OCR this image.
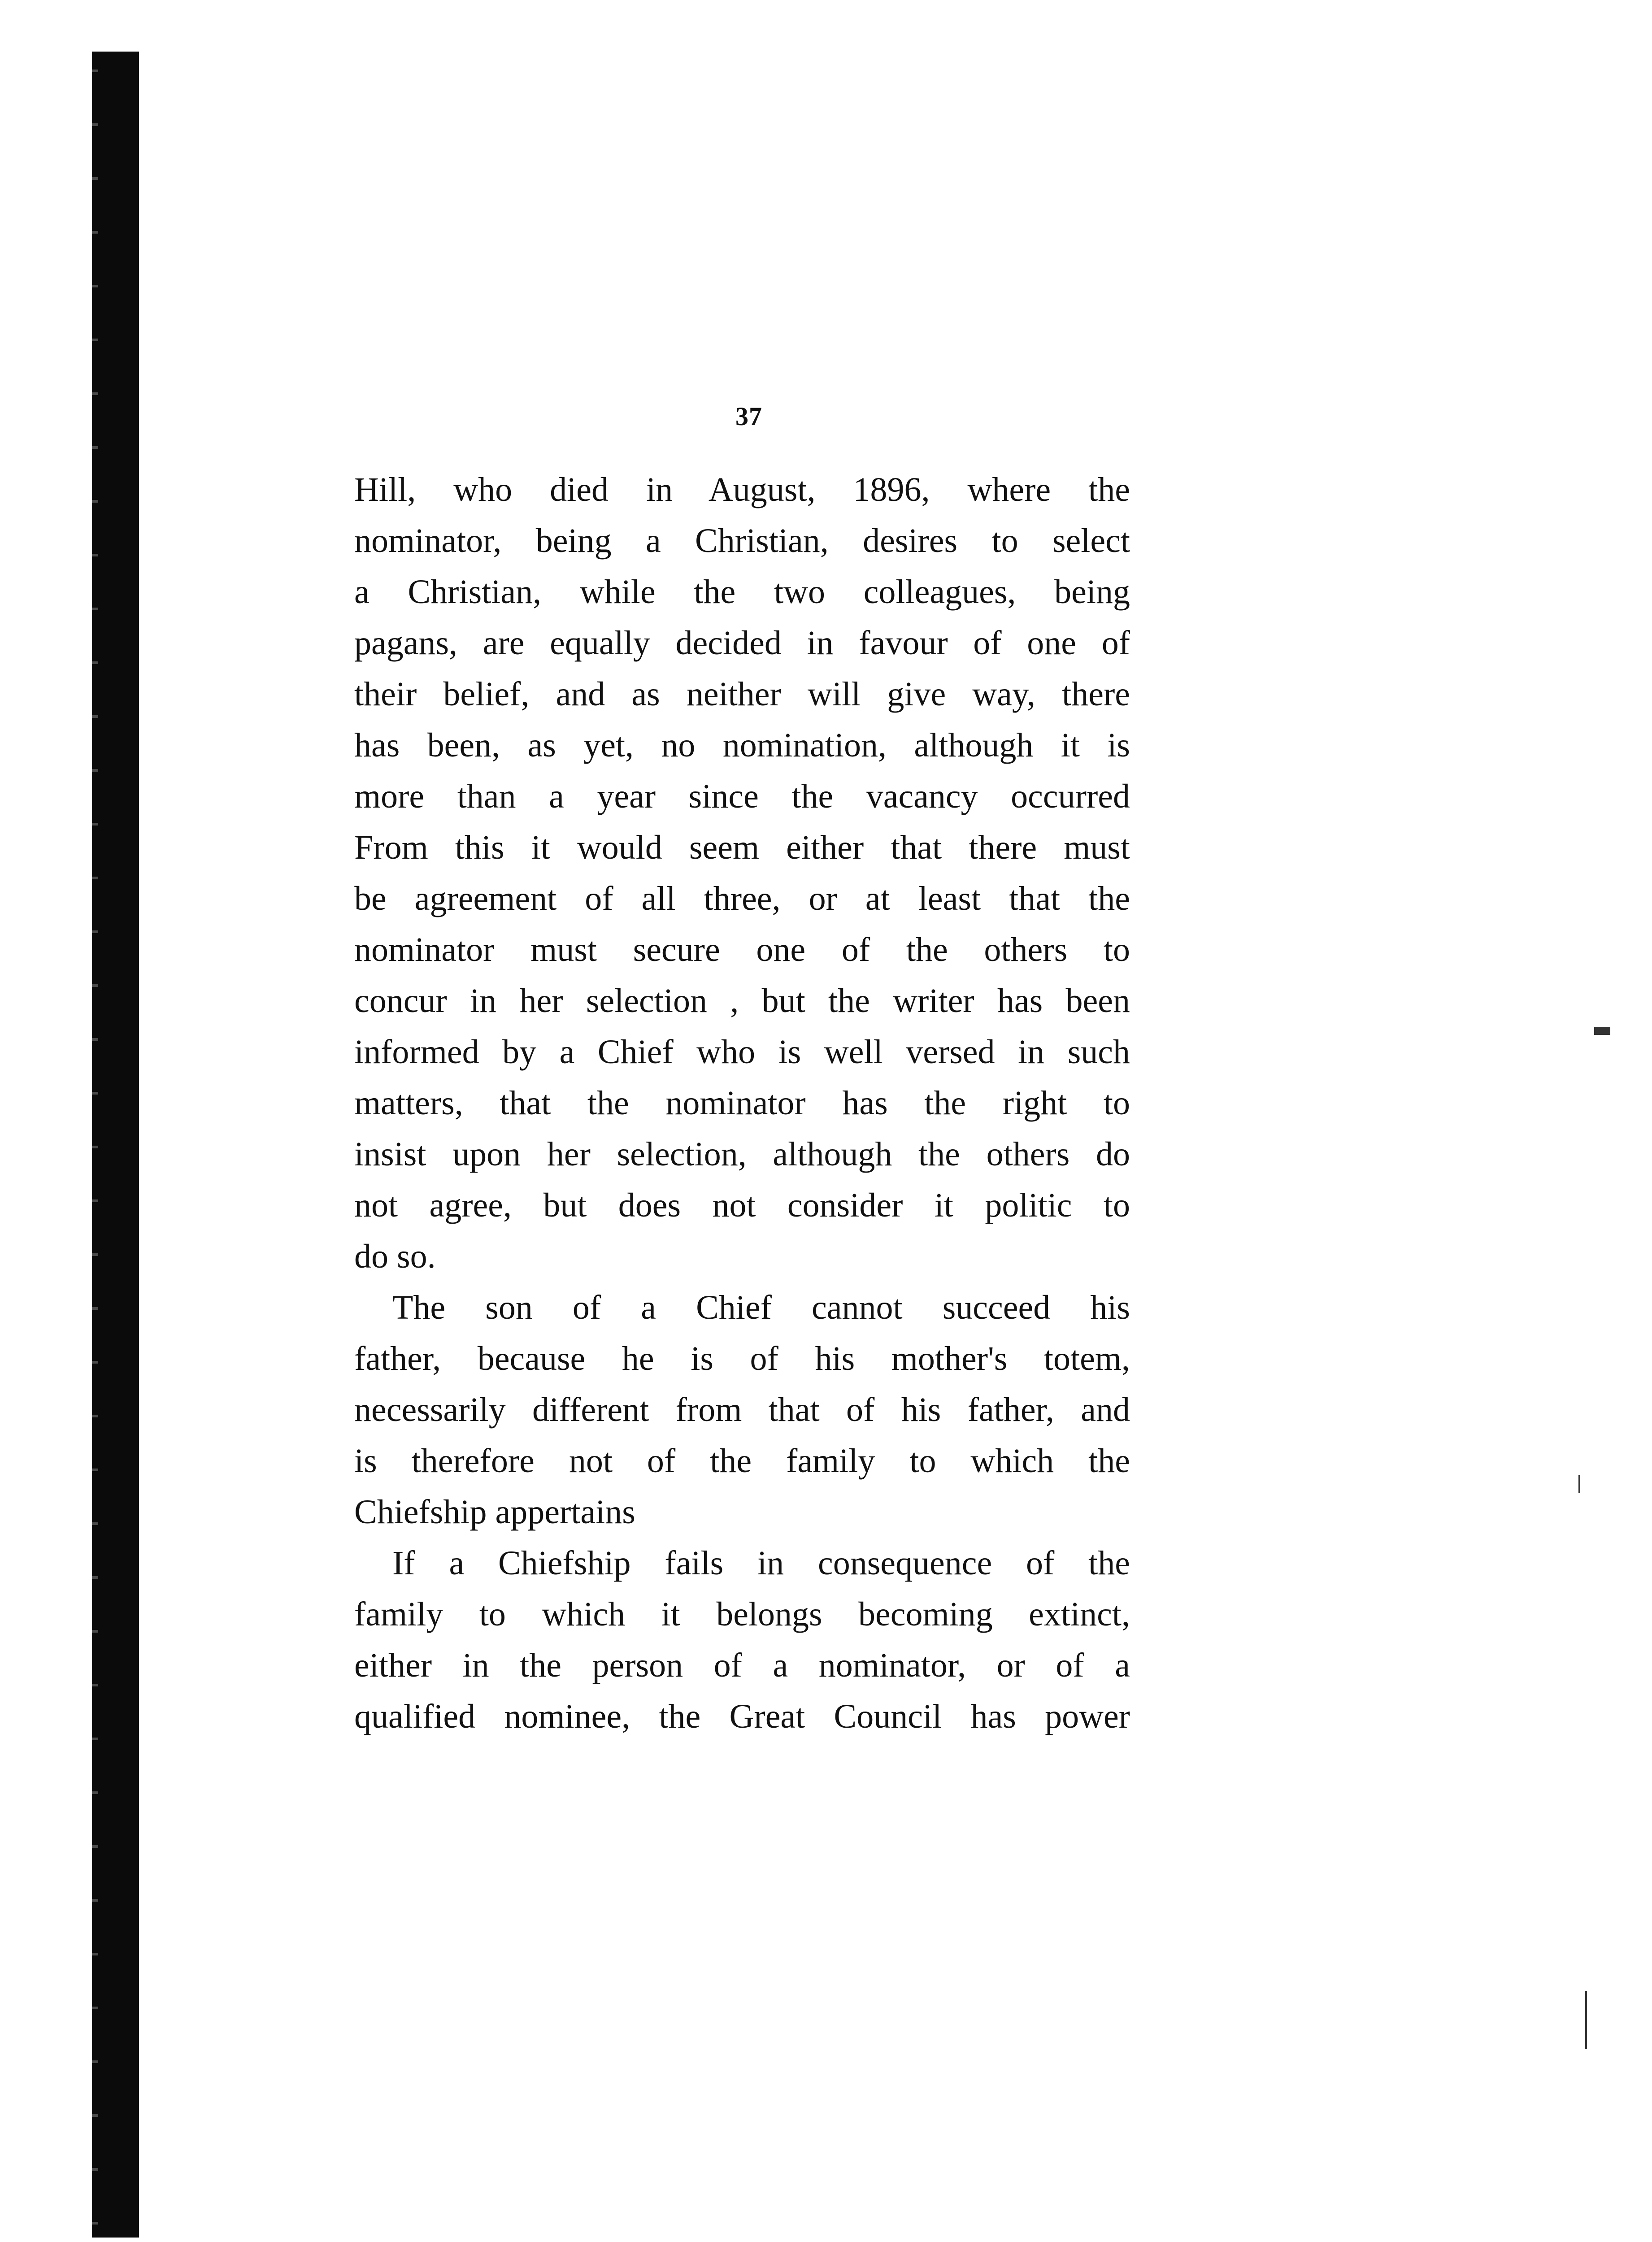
37
Hill, who died in August, 1896, where the
nominator, being a Christian, desires to select
a Christian, while the two colleagues, being
pagans, are equally decided in favour of one of
their belief, and as neither will give way, there
has been, as yet, no nomination, although it is
more than a year since the vacancy occurred
From this it would seem either that there must
be agreement of all three, or at least that the
nominator must secure one of the others to
concur in her selection , but the writer has been
informed by a Chief who is well versed in such
matters, that the nominator has the right to
insist upon her selection, although the others do
not agree, but does not consider it politic to
do so.
The son of a Chief cannot succeed his
father, because he is of his mother's totem,
necessarily different from that of his father, and
is therefore not of the family to which the
Chiefship appertains
If a Chiefship fails in consequence of the
family to which it belongs becoming extinct,
either in the person of a nominator, or of a
qualified nominee, the Great Council has power
